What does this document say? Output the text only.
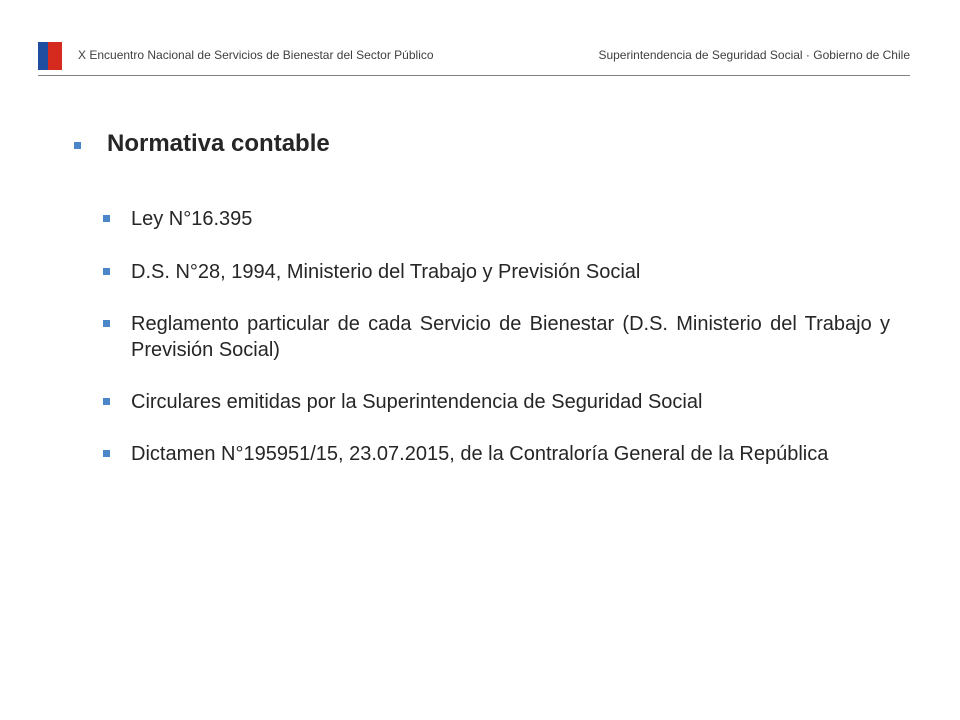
X Encuentro Nacional de Servicios de Bienestar del Sector Público	Superintendencia de Seguridad Social · Gobierno de Chile
Normativa contable
Ley N°16.395
D.S. N°28, 1994, Ministerio del Trabajo y Previsión Social
Reglamento particular de cada Servicio de Bienestar (D.S. Ministerio del Trabajo y Previsión Social)
Circulares emitidas por la Superintendencia de Seguridad Social
Dictamen N°195951/15, 23.07.2015, de la Contraloría General de la República
